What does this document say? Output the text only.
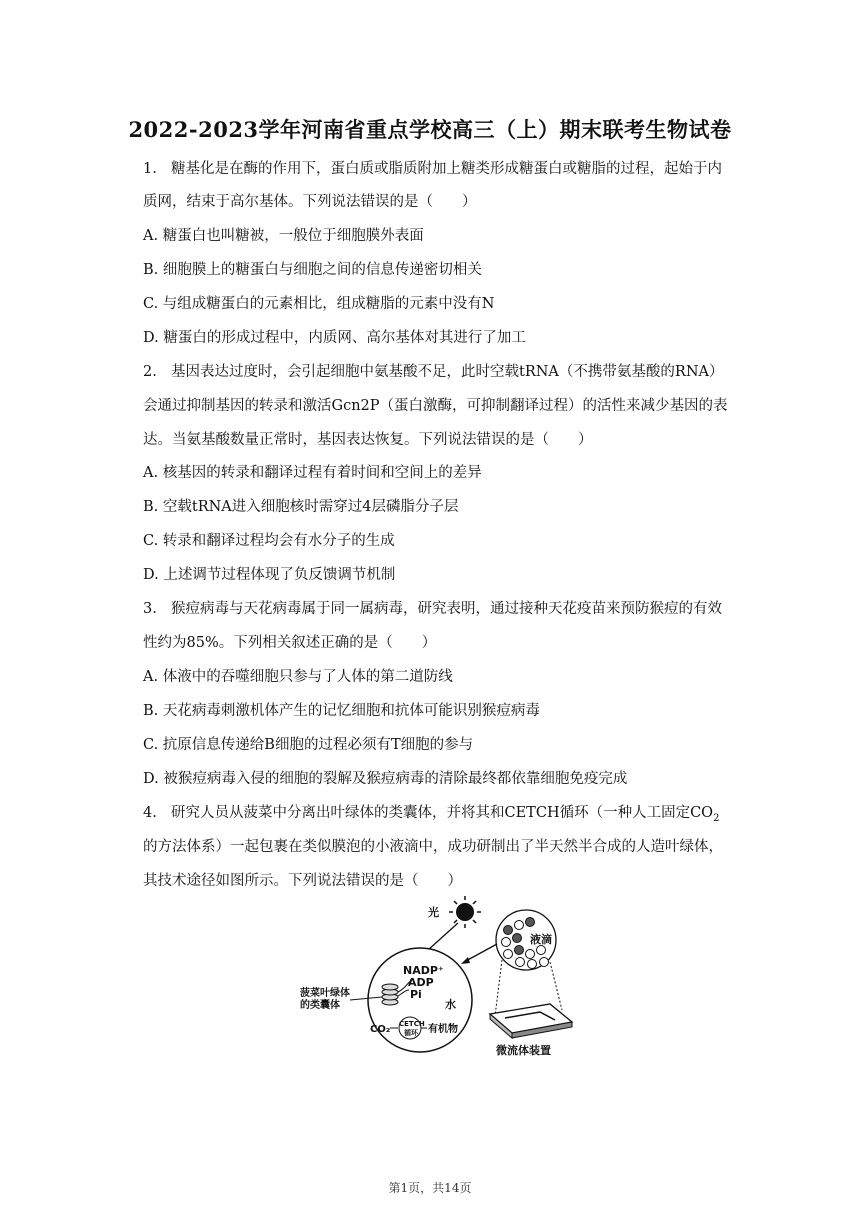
2022-2023学年河南省重点学校高三（上）期末联考生物试卷
1. 糖基化是在酶的作用下，蛋白质或脂质附加上糖类形成糖蛋白或糖脂的过程，起始于内
质网，结束于高尔基体。下列说法错误的是（　　）
A. 糖蛋白也叫糖被，一般位于细胞膜外表面
B. 细胞膜上的糖蛋白与细胞之间的信息传递密切相关
C. 与组成糖蛋白的元素相比，组成糖脂的元素中没有N
D. 糖蛋白的形成过程中，内质网、高尔基体对其进行了加工
2. 基因表达过度时，会引起细胞中氨基酸不足，此时空载tRNA（不携带氨基酸的RNA）
会通过抑制基因的转录和激活Gcn2P（蛋白激酶，可抑制翻译过程）的活性来减少基因的表
达。当氨基酸数量正常时，基因表达恢复。下列说法错误的是（　　）
A. 核基因的转录和翻译过程有着时间和空间上的差异
B. 空载tRNA进入细胞核时需穿过4层磷脂分子层
C. 转录和翻译过程均会有水分子的生成
D. 上述调节过程体现了负反馈调节机制
3. 猴痘病毒与天花病毒属于同一属病毒，研究表明，通过接种天花疫苗来预防猴痘的有效
性约为85%。下列相关叙述正确的是（　　）
A. 体液中的吞噬细胞只参与了人体的第二道防线
B. 天花病毒刺激机体产生的记忆细胞和抗体可能识别猴痘病毒
C. 抗原信息传递给B细胞的过程必须有T细胞的参与
D. 被猴痘病毒入侵的细胞的裂解及猴痘病毒的清除最终都依靠细胞免疫完成
4. 研究人员从菠菜中分离出叶绿体的类囊体，并将其和CETCH循环（一种人工固定$CO_2$
的方法体系）一起包裹在类似膜泡的小液滴中，成功研制出了半天然半合成的人造叶绿体，
其技术途径如图所示。下列说法错误的是（　　）
光
液滴
微流体装置
NADP⁺
ADP
Pi
水
CO₂ CETCH
循环 有机物
菠菜叶绿体
的类囊体
第1页，共14页
